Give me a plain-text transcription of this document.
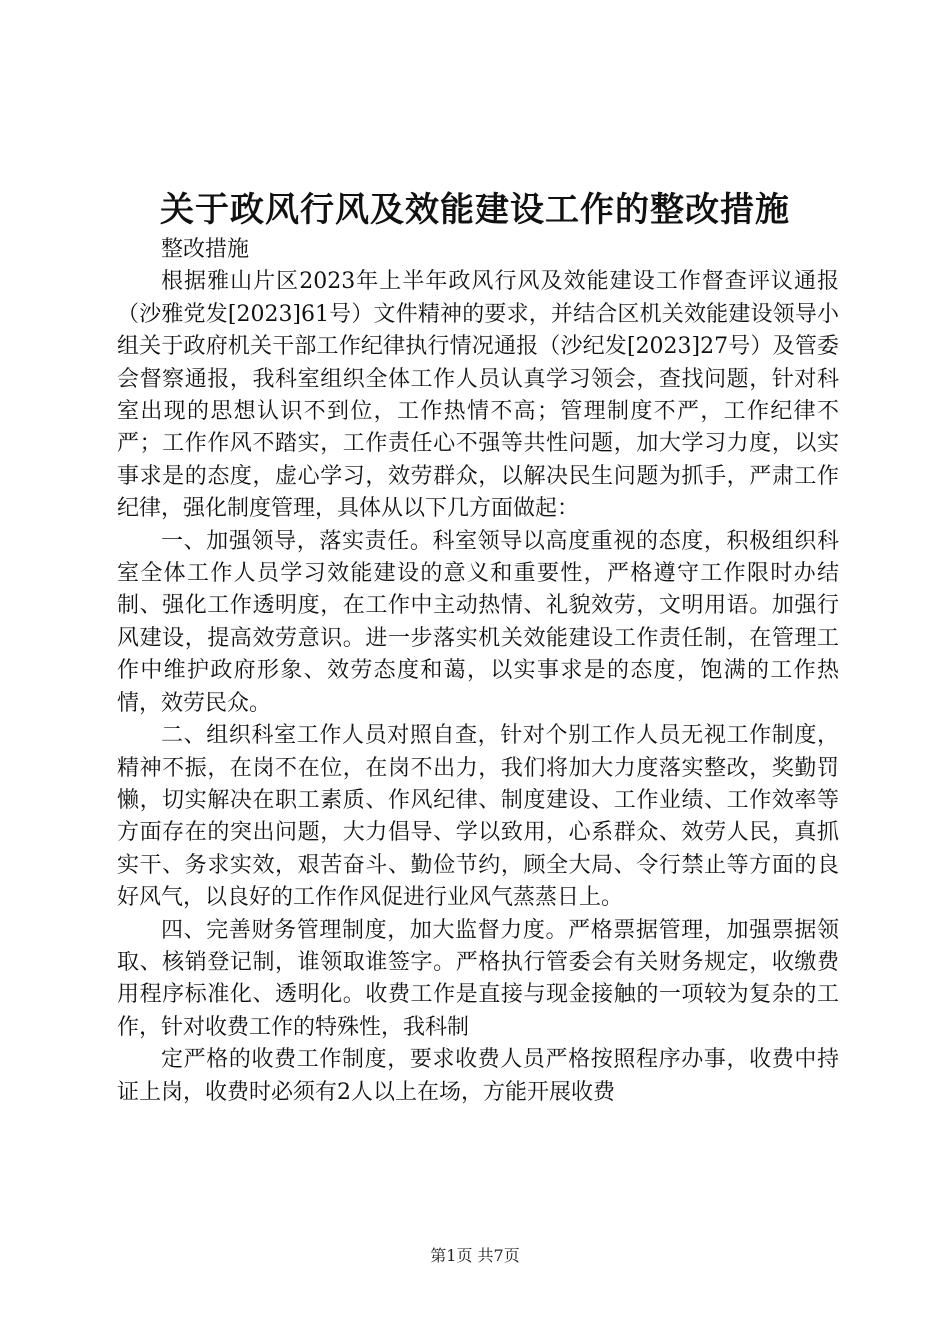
关于政风行风及效能建设工作的整改措施

整改措施

根据雅山片区2023年上半年政风行风及效能建设工作督查评议通报（沙雅党发[2023]61号）文件精神的要求，并结合区机关效能建设领导小组关于政府机关干部工作纪律执行情况通报（沙纪发[2023]27号）及管委会督察通报，我科室组织全体工作人员认真学习领会，查找问题，针对科室出现的思想认识不到位，工作热情不高；管理制度不严，工作纪律不严；工作作风不踏实，工作责任心不强等共性问题，加大学习力度，以实事求是的态度，虚心学习，效劳群众，以解决民生问题为抓手，严肃工作纪律，强化制度管理，具体从以下几方面做起：

一、加强领导，落实责任。科室领导以高度重视的态度，积极组织科室全体工作人员学习效能建设的意义和重要性，严格遵守工作限时办结制、强化工作透明度，在工作中主动热情、礼貌效劳，文明用语。加强行风建设，提高效劳意识。进一步落实机关效能建设工作责任制，在管理工作中维护政府形象、效劳态度和蔼，以实事求是的态度，饱满的工作热情，效劳民众。

二、组织科室工作人员对照自查，针对个别工作人员无视工作制度，精神不振，在岗不在位，在岗不出力，我们将加大力度落实整改，奖勤罚懒，切实解决在职工素质、作风纪律、制度建设、工作业绩、工作效率等方面存在的突出问题，大力倡导、学以致用，心系群众、效劳人民，真抓实干、务求实效，艰苦奋斗、勤俭节约，顾全大局、令行禁止等方面的良好风气，以良好的工作作风促进行业风气蒸蒸日上。

四、完善财务管理制度，加大监督力度。严格票据管理，加强票据领取、核销登记制，谁领取谁签字。严格执行管委会有关财务规定，收缴费用程序标准化、透明化。收费工作是直接与现金接触的一项较为复杂的工作，针对收费工作的特殊性，我科制

定严格的收费工作制度，要求收费人员严格按照程序办事，收费中持证上岗，收费时必须有2人以上在场，方能开展收费

第1页 共7页
